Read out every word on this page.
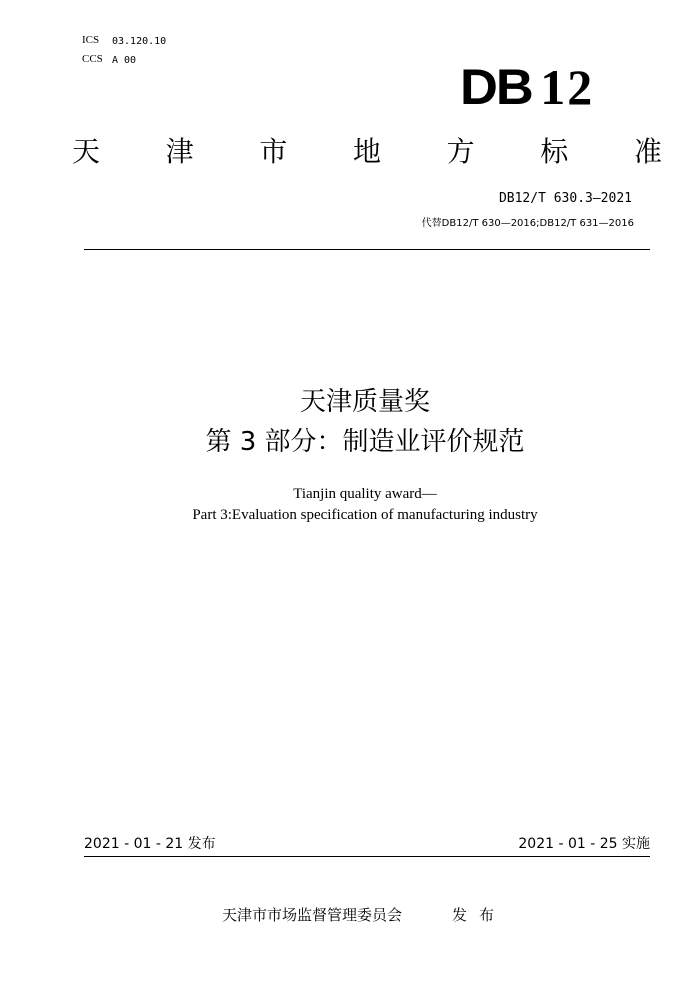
ICS 03.120.10
CCS A 00	DB 12
天 津 市 地 方 标 准
DB12/T 630.3—2021
代替DB12/T 630—2016;DB12/T 631—2016
天津质量奖
第 3 部分：制造业评价规范
Tianjin quality award—
Part 3:Evaluation specification of manufacturing industry
2021 - 01 - 21 发布	2021 - 01 - 25 实施
天津市市场监督管理委员会	发布
